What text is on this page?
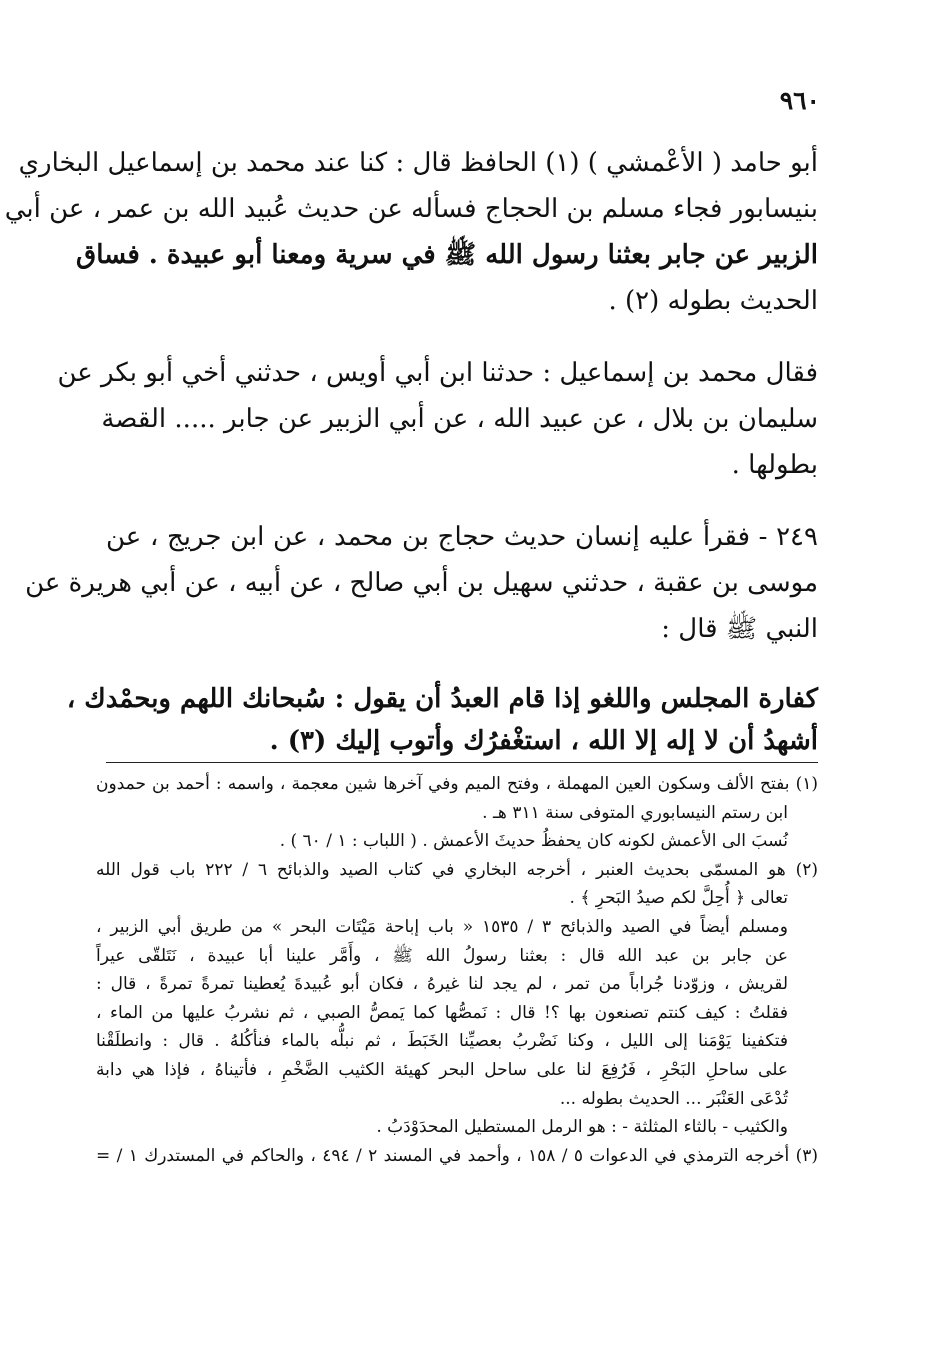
٩٦٠
أبو حامد ( الأعْمشي ) (١) الحافظ قال : كنا عند محمد بن إسماعيل البخاري
بنيسابور فجاء مسلم بن الحجاج فسأله عن حديث عُبيد الله بن عمر ، عن أبي
الزبير عن جابر بعثنا رسول الله ﷺ في سرية ومعنا أبو عبيدة . فساق
الحديث بطوله (٢) .
فقال محمد بن إسماعيل : حدثنا ابن أبي أويس ، حدثني أخي أبو بكر عن
سليمان بن بلال ، عن عبيد الله ، عن أبي الزبير عن جابر ..... القصة
بطولها .
٢٤٩ - فقرأ عليه إنسان حديث حجاج بن محمد ، عن ابن جريج ، عن
موسى بن عقبة ، حدثني سهيل بن أبي صالح ، عن أبيه ، عن أبي هريرة عن
النبي ﷺ قال :
كفارة المجلس واللغو إذا قام العبدُ أن يقول : سُبحانك اللهم وبحمْدك ،
أشهدُ أن لا إله إلا الله ، استغْفرُك وأتوب إليك (٣) .
(١) بفتح الألف وسكون العين المهملة ، وفتح الميم وفي آخرها شين معجمة ، واسمه : أحمد بن حمدون
ابن رستم النيسابوري المتوفى سنة ٣١١ هـ .
نُسبَ الى الأعمش لكونه كان يحفظُ حديثَ الأعمش . ( اللباب : ١ / ٦٠ ) .
(٢) هو المسمّى بحديث العنبر ، أخرجه البخاري في كتاب الصيد والذبائح ٦ / ٢٢٢ باب قول الله
تعالى ﴿ أُحِلَّ لكم صيدُ البَحرِ ﴾ .
ومسلم أيضاً في الصيد والذبائح ٣ / ١٥٣٥ « باب إباحة مَيْتَات البحر » من طريق أبي الزبير ،
عن جابر بن عبد الله قال : بعثنا رسولُ الله ﷺ ، وأَمَّر علينا أبا عبيدة ، نَتَلقّى عيراً
لقريش ، وزوّدنا جُراباً من تمر ، لم يجد لنا غيرهُ ، فكان أبو عُبيدةَ يُعطينا تمرةً تمرةً ، قال :
فقلتُ : كيف كنتم تصنعون بها ؟! قال : نَمصُّها كما يَمصُّ الصبي ، ثم نشربُ عليها من الماء ،
فتكفينا يَوْمَنا إلى الليل ، وكنا نَضْربُ بعصيِّنا الخَبَطَ ، ثم نبلُّه بالماء فنأكُلهُ . قال : وانطلَقْنا
على ساحلِ البَحْرِ ، فَرُفِعَ لنا على ساحل البحر كهيئة الكثيب الضَّخْمِ ، فأتيناهُ ، فإذا هي دابة
تُدْعَى العَنْبَر ... الحديث بطوله ...
والكثيب - بالثاء المثلثة - : هو الرمل المستطيل المحدَوْدَبُ .
(٣) أخرجه الترمذي في الدعوات ٥ / ١٥٨ ، وأحمد في المسند ٢ / ٤٩٤ ، والحاكم في المستدرك ١ / =
